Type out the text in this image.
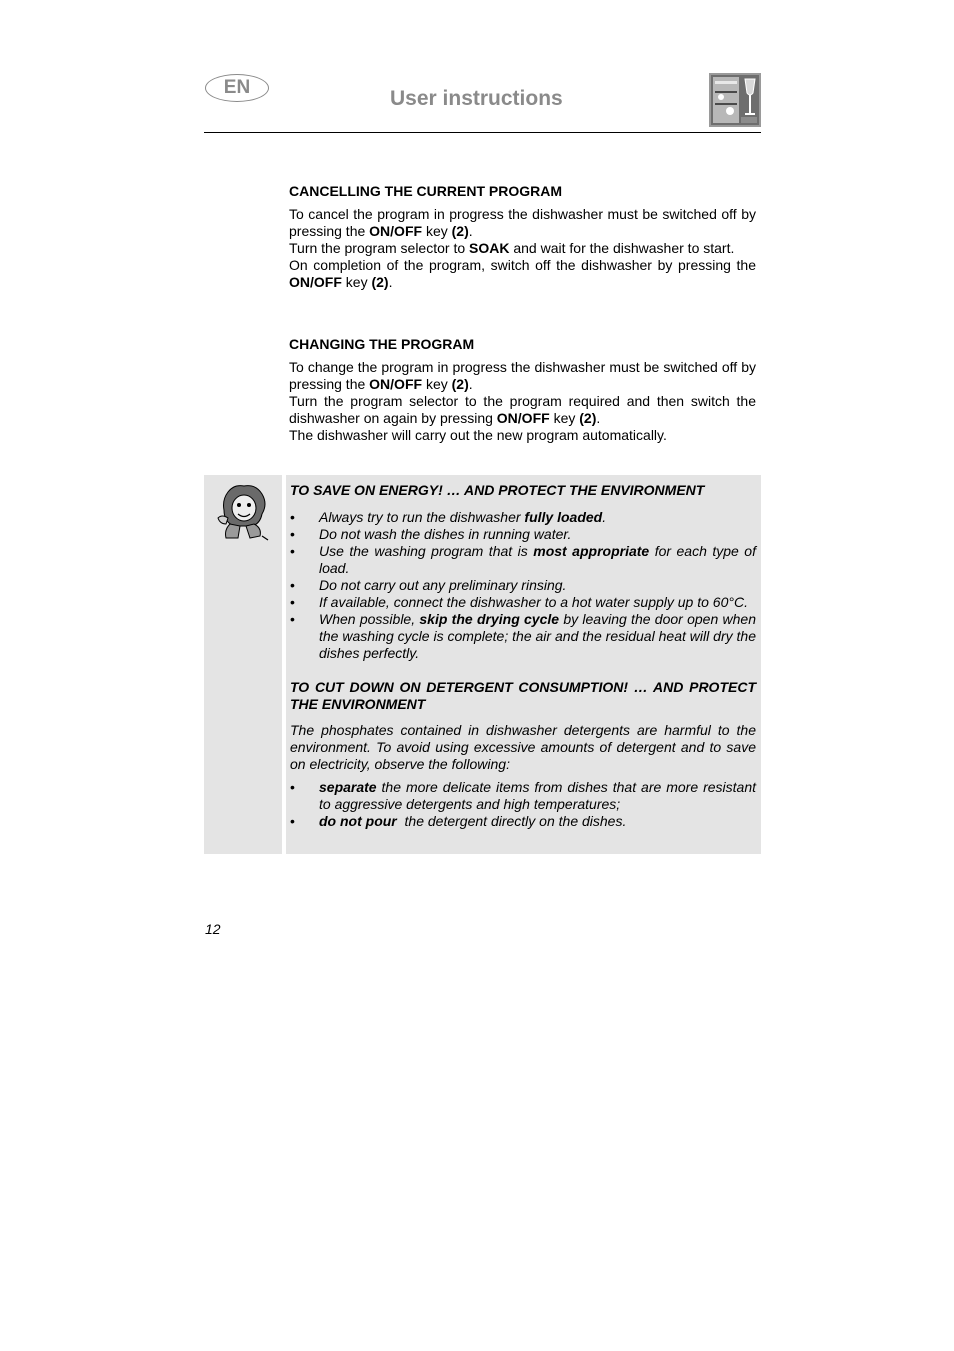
EN	User instructions
CANCELLING THE CURRENT PROGRAM

To cancel the program in progress the dishwasher must be switched off by pressing the ON/OFF key (2).

Turn the program selector to SOAK and wait for the dishwasher to start.

On completion of the program, switch off the dishwasher by pressing the ON/OFF key (2).

CHANGING THE PROGRAM

To change the program in progress the dishwasher must be switched off by pressing the ON/OFF key (2).

Turn the program selector to the program required and then switch the dishwasher on again by pressing ON/OFF key (2).

The dishwasher will carry out the new program automatically.

TO SAVE ON ENERGY! … AND PROTECT THE ENVIRONMENT
• Always try to run the dishwasher fully loaded.
• Do not wash the dishes in running water.
• Use the washing program that is most appropriate for each type of load.
• Do not carry out any preliminary rinsing.
• If available, connect the dishwasher to a hot water supply up to 60°C.
• When possible, skip the drying cycle by leaving the door open when the washing cycle is complete; the air and the residual heat will dry the dishes perfectly.
TO CUT DOWN ON DETERGENT CONSUMPTION! … AND PROTECT THE ENVIRONMENT

The phosphates contained in dishwasher detergents are harmful to the environment. To avoid using excessive amounts of detergent and to save on electricity, observe the following:

• separate the more delicate items from dishes that are more resistant to aggressive detergents and high temperatures;
• do not pour  the detergent directly on the dishes.
12
